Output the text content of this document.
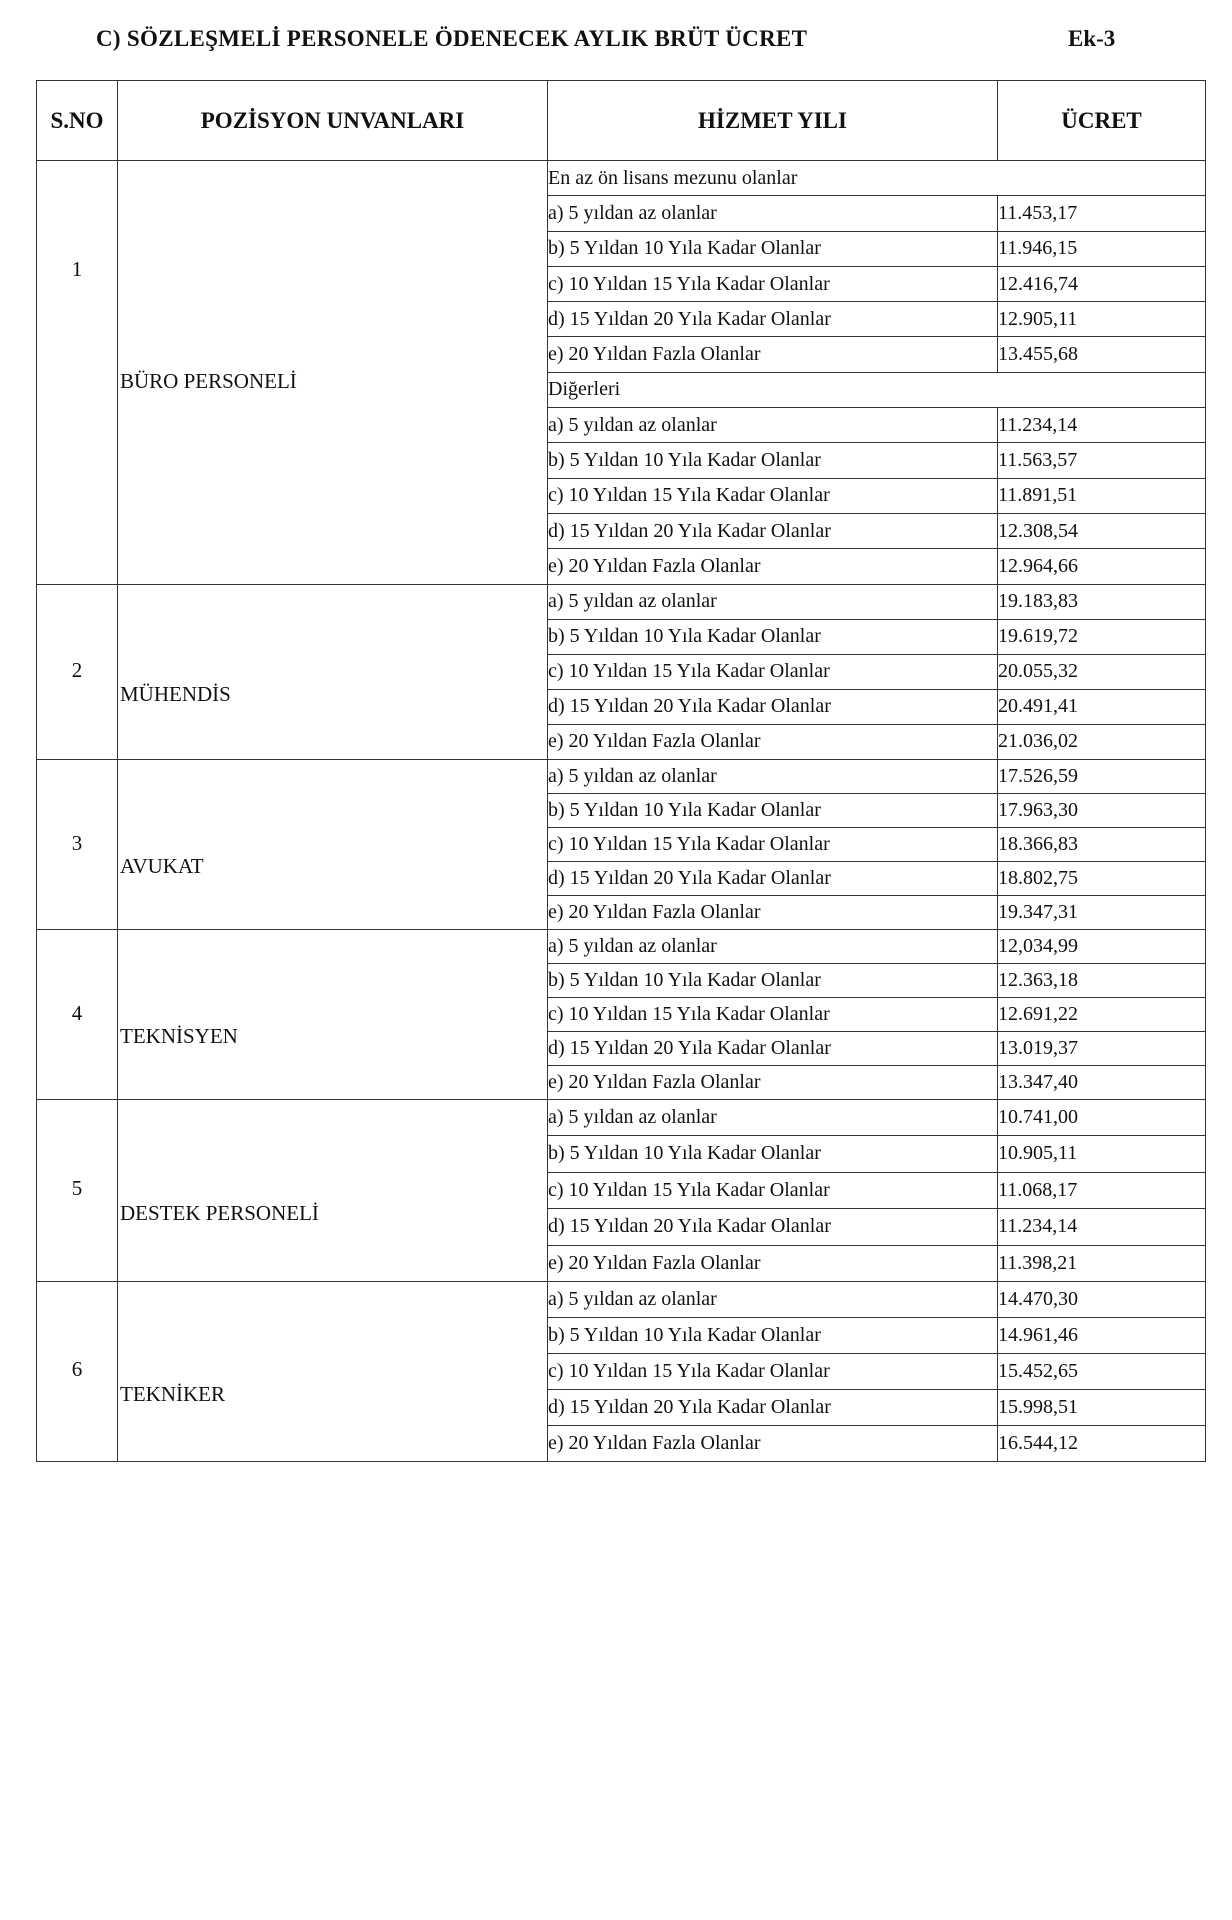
C) SÖZLEŞMELİ PERSONELE ÖDENECEK AYLIK BRÜT ÜCRET	Ek-3
S.NO	POZİSYON UNVANLARI	HİZMET YILI	ÜCRET

1	BÜRO PERSONELİ	En az ön lisans mezunu olanlar	
		a) 5 yıldan az olanlar	11.453,17
		b) 5 Yıldan 10 Yıla Kadar Olanlar	11.946,15
		c) 10 Yıldan 15 Yıla Kadar Olanlar	12.416,74
		d) 15 Yıldan 20 Yıla Kadar Olanlar	12.905,11
		e) 20 Yıldan Fazla Olanlar	13.455,68
		Diğerleri	
		a) 5 yıldan az olanlar	11.234,14
		b) 5 Yıldan 10 Yıla Kadar Olanlar	11.563,57
		c) 10 Yıldan 15 Yıla Kadar Olanlar	11.891,51
		d) 15 Yıldan 20 Yıla Kadar Olanlar	12.308,54
		e) 20 Yıldan Fazla Olanlar	12.964,66

2	MÜHENDİS	a) 5 yıldan az olanlar	19.183,83
		b) 5 Yıldan 10 Yıla Kadar Olanlar	19.619,72
		c) 10 Yıldan 15 Yıla Kadar Olanlar	20.055,32
		d) 15 Yıldan 20 Yıla Kadar Olanlar	20.491,41
		e) 20 Yıldan Fazla Olanlar	21.036,02

3	AVUKAT	a) 5 yıldan az olanlar	17.526,59
		b) 5 Yıldan 10 Yıla Kadar Olanlar	17.963,30
		c) 10 Yıldan 15 Yıla Kadar Olanlar	18.366,83
		d) 15 Yıldan 20 Yıla Kadar Olanlar	18.802,75
		e) 20 Yıldan Fazla Olanlar	19.347,31

4	TEKNİSYEN	a) 5 yıldan az olanlar	12,034,99
		b) 5 Yıldan 10 Yıla Kadar Olanlar	12.363,18
		c) 10 Yıldan 15 Yıla Kadar Olanlar	12.691,22
		d) 15 Yıldan 20 Yıla Kadar Olanlar	13.019,37
		e) 20 Yıldan Fazla Olanlar	13.347,40

5	DESTEK PERSONELİ	a) 5 yıldan az olanlar	10.741,00
		b) 5 Yıldan 10 Yıla Kadar Olanlar	10.905,11
		c) 10 Yıldan 15 Yıla Kadar Olanlar	11.068,17
		d) 15 Yıldan 20 Yıla Kadar Olanlar	11.234,14
		e) 20 Yıldan Fazla Olanlar	11.398,21

6	TEKNİKER	a) 5 yıldan az olanlar	14.470,30
		b) 5 Yıldan 10 Yıla Kadar Olanlar	14.961,46
		c) 10 Yıldan 15 Yıla Kadar Olanlar	15.452,65
		d) 15 Yıldan 20 Yıla Kadar Olanlar	15.998,51
		e) 20 Yıldan Fazla Olanlar	16.544,12
